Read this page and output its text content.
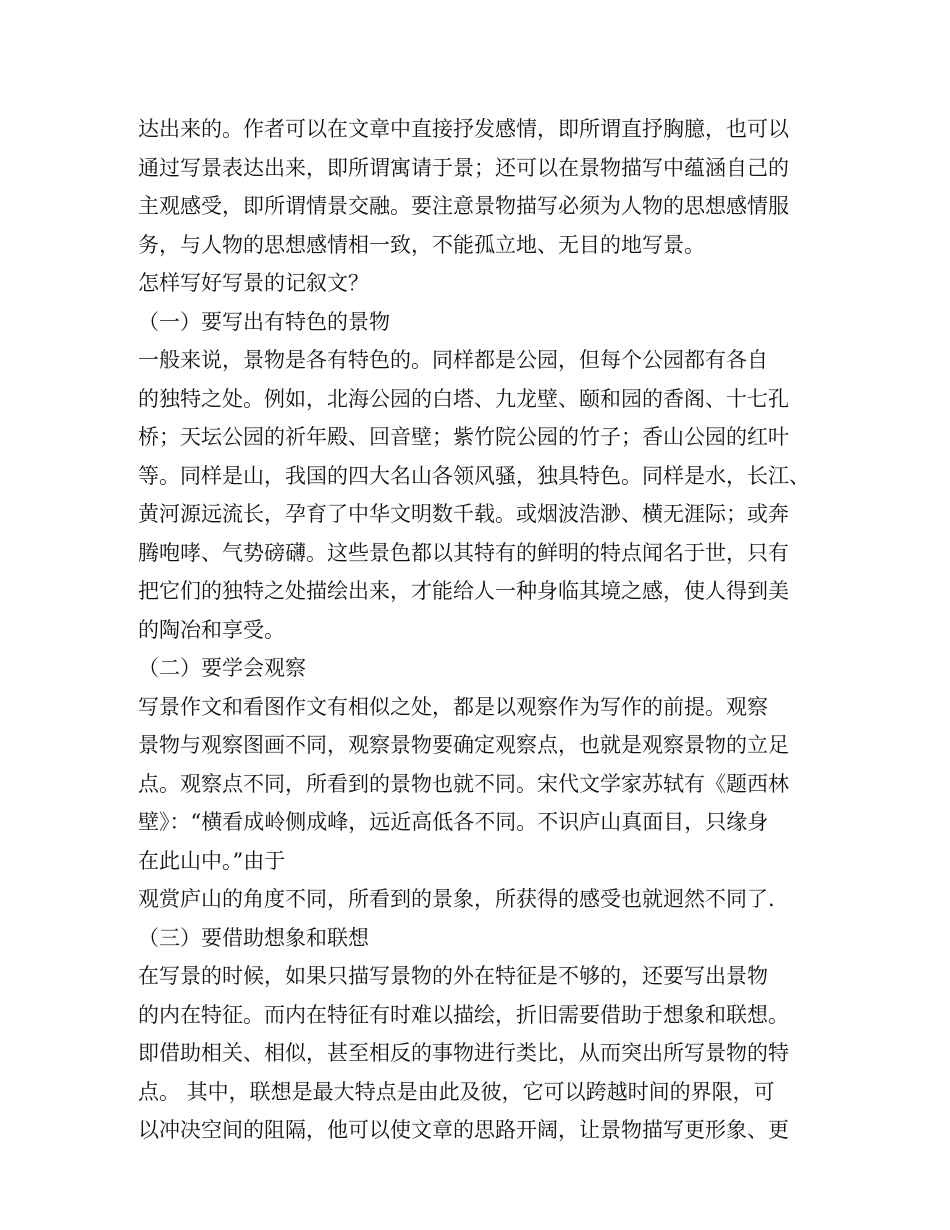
达出来的。作者可以在文章中直接抒发感情，即所谓直抒胸臆，也可以
通过写景表达出来，即所谓寓请于景；还可以在景物描写中蕴涵自己的
主观感受，即所谓情景交融。要注意景物描写必须为人物的思想感情服
务，与人物的思想感情相一致，不能孤立地、无目的地写景。
怎样写好写景的记叙文？
（一）要写出有特色的景物
一般来说，景物是各有特色的。同样都是公园，但每个公园都有各自
的独特之处。例如，北海公园的白塔、九龙壁、颐和园的香阁、十七孔
桥；天坛公园的祈年殿、回音壁；紫竹院公园的竹子；香山公园的红叶
等。同样是山，我国的四大名山各领风骚，独具特色。同样是水，长江、
黄河源远流长，孕育了中华文明数千载。或烟波浩渺、横无涯际；或奔
腾咆哮、气势磅礴。这些景色都以其特有的鲜明的特点闻名于世，只有
把它们的独特之处描绘出来，才能给人一种身临其境之感，使人得到美
的陶冶和享受。
（二）要学会观察
写景作文和看图作文有相似之处，都是以观察作为写作的前提。观察
景物与观察图画不同，观察景物要确定观察点，也就是观察景物的立足
点。观察点不同，所看到的景物也就不同。宋代文学家苏轼有《题西林
壁》：“横看成岭侧成峰，远近高低各不同。不识庐山真面目，只缘身
在此山中。”由于
观赏庐山的角度不同，所看到的景象，所获得的感受也就迥然不同了.
（三）要借助想象和联想
在写景的时候，如果只描写景物的外在特征是不够的，还要写出景物
的内在特征。而内在特征有时难以描绘，折旧需要借助于想象和联想。
即借助相关、相似，甚至相反的事物进行类比，从而突出所写景物的特
点。 其中，联想是最大特点是由此及彼，它可以跨越时间的界限，可
以冲决空间的阻隔，他可以使文章的思路开阔，让景物描写更形象、更
